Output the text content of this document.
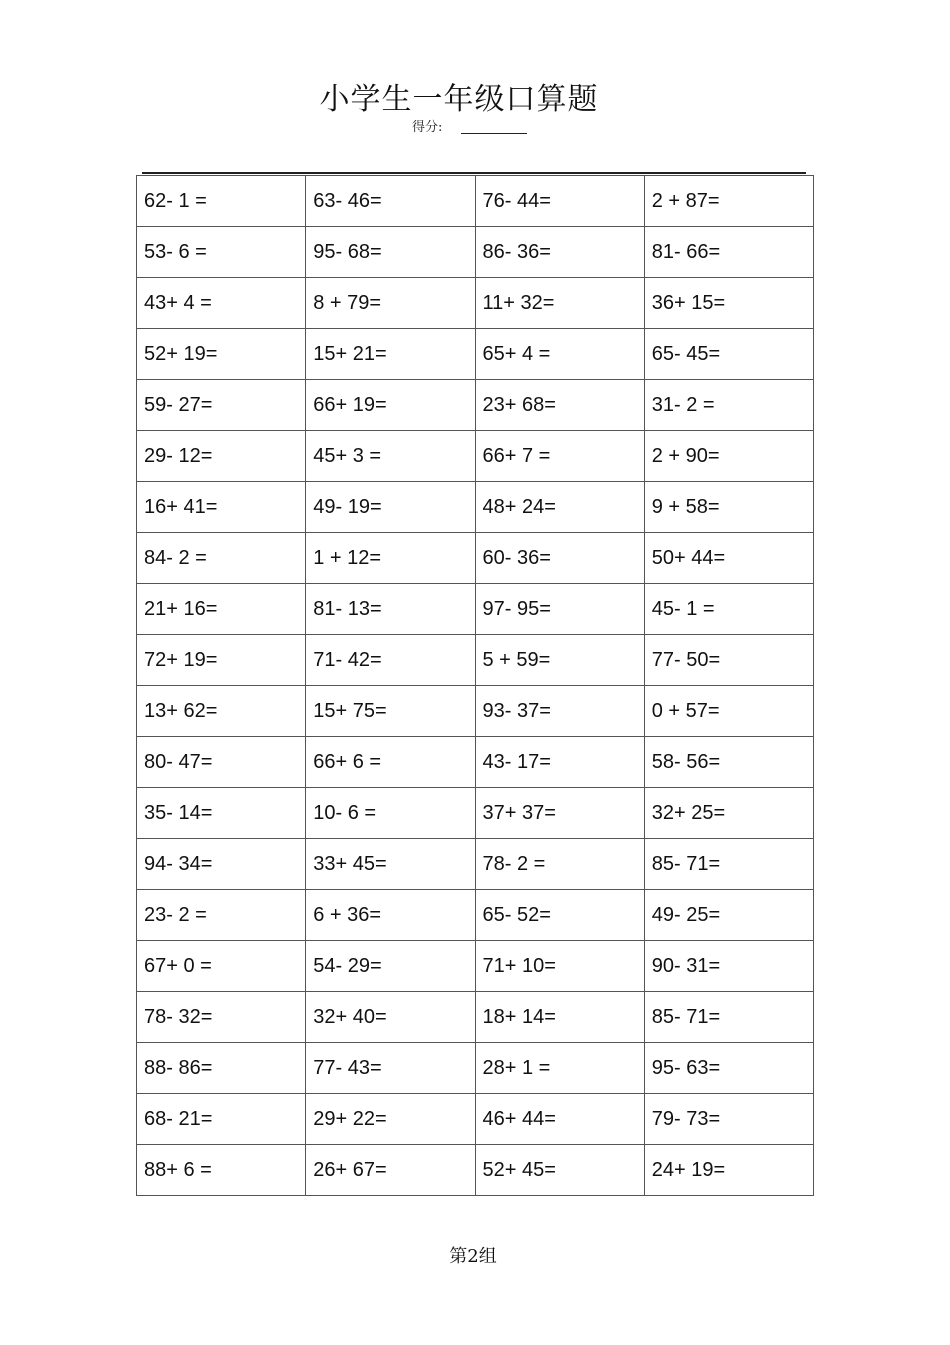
小学生一年级口算题
得分:
62- 1 =	63- 46=	76- 44=	2 + 87=
53- 6 =	95- 68=	86- 36=	81- 66=
43+ 4 =	8 + 79=	11+ 32=	36+ 15=
52+ 19=	15+ 21=	65+ 4 =	65- 45=
59- 27=	66+ 19=	23+ 68=	31- 2 =
29- 12=	45+ 3 =	66+ 7 =	2 + 90=
16+ 41=	49- 19=	48+ 24=	9 + 58=
84- 2 =	1 + 12=	60- 36=	50+ 44=
21+ 16=	81- 13=	97- 95=	45- 1 =
72+ 19=	71- 42=	5 + 59=	77- 50=
13+ 62=	15+ 75=	93- 37=	0 + 57=
80- 47=	66+ 6 =	43- 17=	58- 56=
35- 14=	10- 6 =	37+ 37=	32+ 25=
94- 34=	33+ 45=	78- 2 =	85- 71=
23- 2 =	6 + 36=	65- 52=	49- 25=
67+ 0 =	54- 29=	71+ 10=	90- 31=
78- 32=	32+ 40=	18+ 14=	85- 71=
88- 86=	77- 43=	28+ 1 =	95- 63=
68- 21=	29+ 22=	46+ 44=	79- 73=
88+ 6 =	26+ 67=	52+ 45=	24+ 19=
第2组
